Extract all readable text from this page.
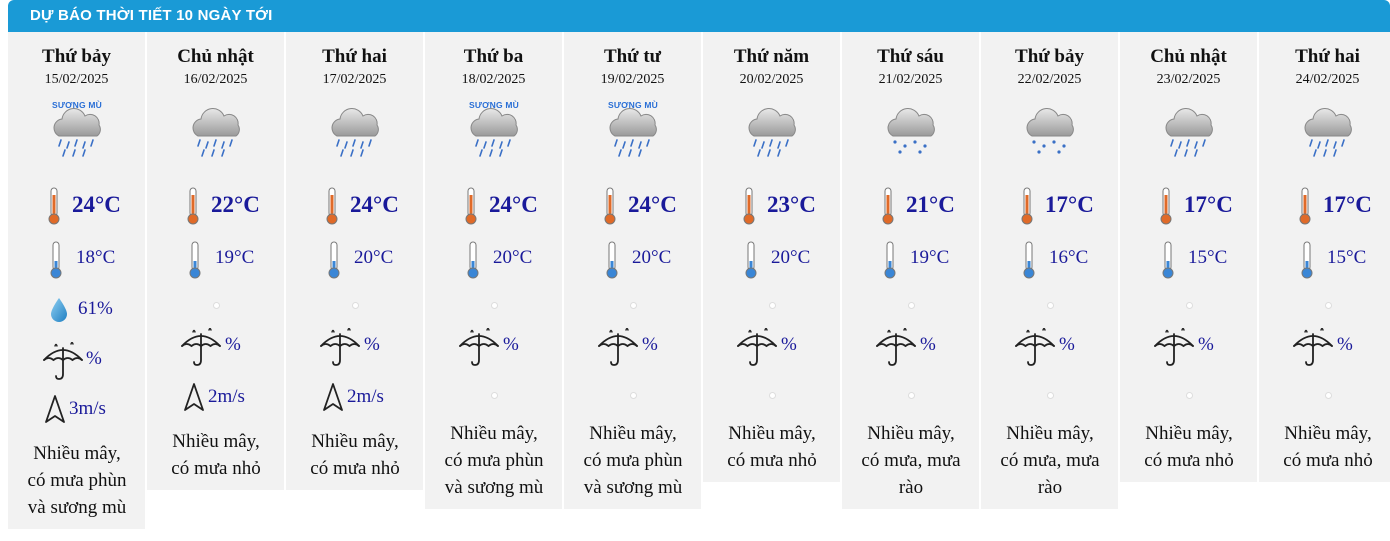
DỰ BÁO THỜI TIẾT 10 NGÀY TỚI
Thứ bảy
15/02/2025
SƯƠNG MÙ
24°C
18°C
61%
%
3m/s
Nhiều mây,
có mưa phùn
và sương mù
Chủ nhật
16/02/2025
22°C
19°C
%
2m/s
Nhiều mây,
có mưa nhỏ
Thứ hai
17/02/2025
24°C
20°C
%
2m/s
Nhiều mây,
có mưa nhỏ
Thứ ba
18/02/2025
SƯƠNG MÙ
24°C
20°C
%
Nhiều mây,
có mưa phùn
và sương mù
Thứ tư
19/02/2025
SƯƠNG MÙ
24°C
20°C
%
Nhiều mây,
có mưa phùn
và sương mù
Thứ năm
20/02/2025
23°C
20°C
%
Nhiều mây,
có mưa nhỏ
Thứ sáu
21/02/2025
21°C
19°C
%
Nhiều mây,
có mưa, mưa
rào
Thứ bảy
22/02/2025
17°C
16°C
%
Nhiều mây,
có mưa, mưa
rào
Chủ nhật
23/02/2025
17°C
15°C
%
Nhiều mây,
có mưa nhỏ
Thứ hai
24/02/2025
17°C
15°C
%
Nhiều mây,
có mưa nhỏ
